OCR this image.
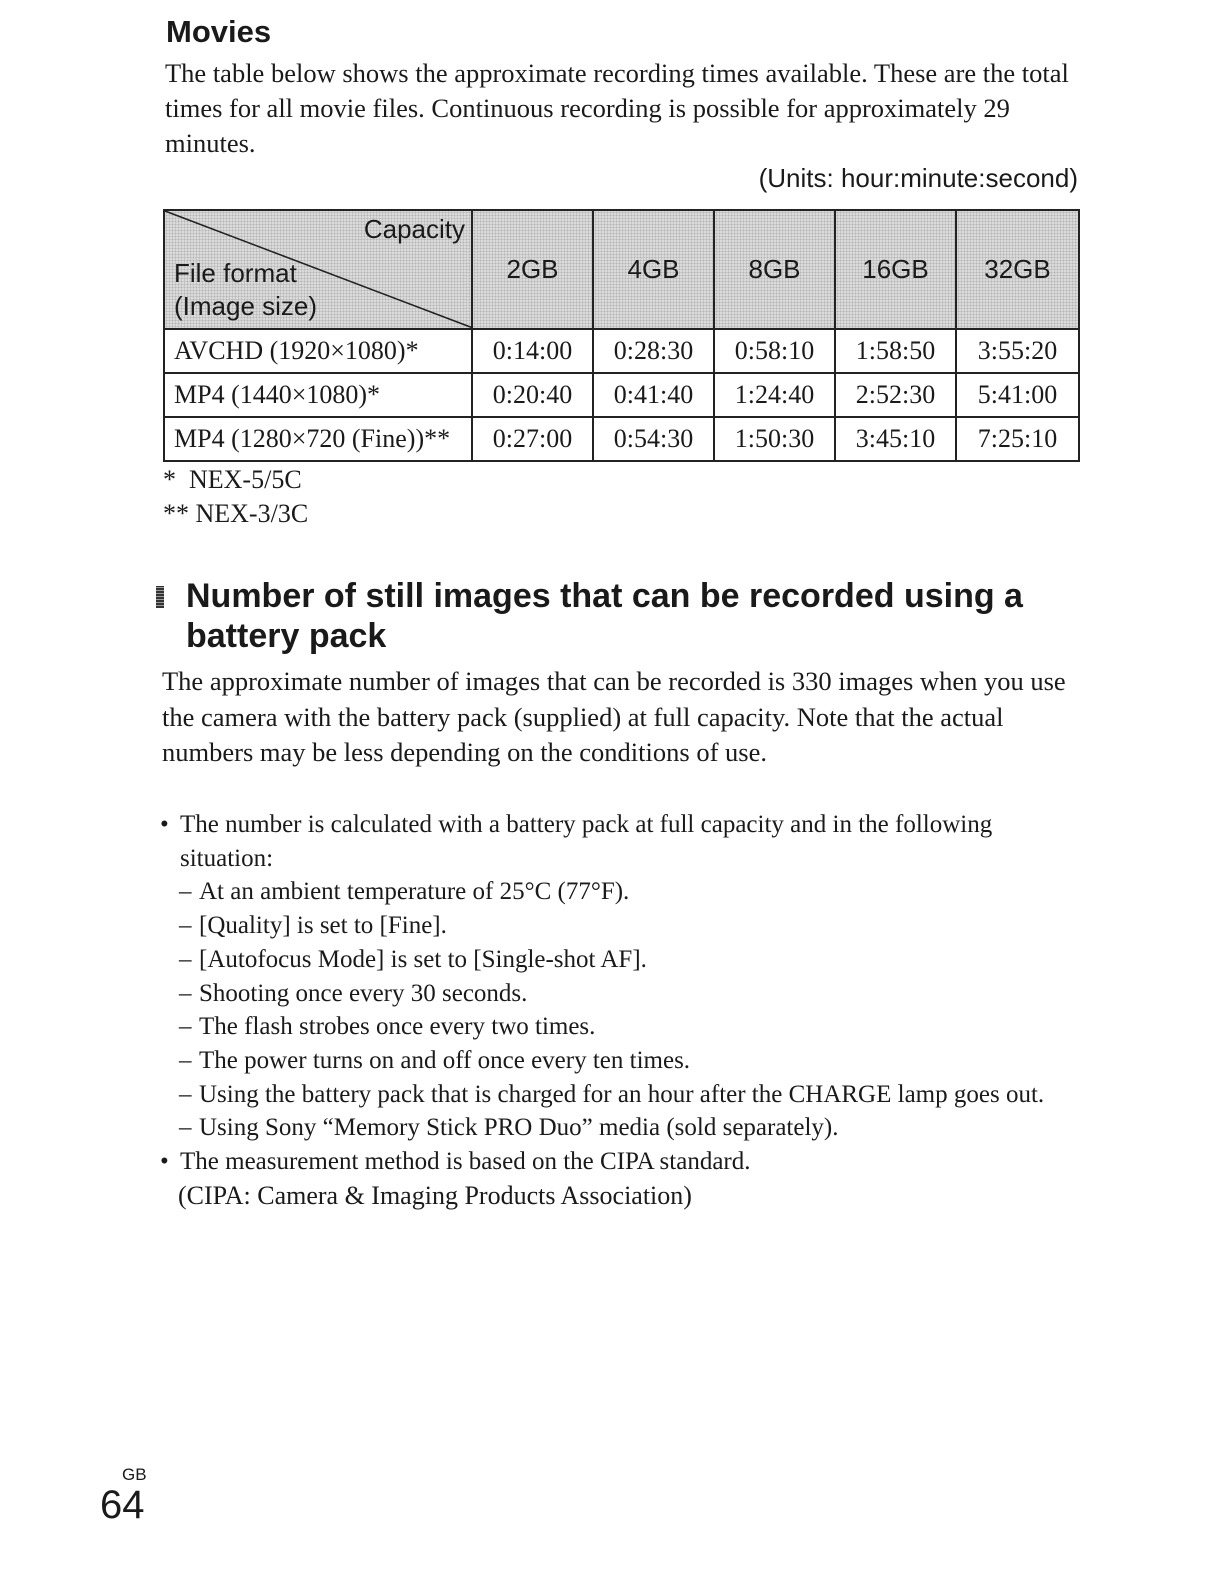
Movies

The table below shows the approximate recording times available. These are the total times for all movie files. Continuous recording is possible for approximately 29 minutes.

(Units: hour:minute:second)

Capacity
File format
(Image size)	2GB	4GB	8GB	16GB	32GB
AVCHD (1920×1080)*	0:14:00	0:28:30	0:58:10	1:58:50	3:55:20
MP4 (1440×1080)*	0:20:40	0:41:40	1:24:40	2:52:30	5:41:00
MP4 (1280×720 (Fine))**	0:27:00	0:54:30	1:50:30	3:45:10	7:25:10
*  NEX-5/5C
** NEX-3/3C
Number of still images that can be recorded using a
battery pack

The approximate number of images that can be recorded is 330 images when you use the camera with the battery pack (supplied) at full capacity. Note that the actual numbers may be less depending on the conditions of use.

• The number is calculated with a battery pack at full capacity and in the following situation:
– At an ambient temperature of 25°C (77°F).
– [Quality] is set to [Fine].
– [Autofocus Mode] is set to [Single-shot AF].
– Shooting once every 30 seconds.
– The flash strobes once every two times.
– The power turns on and off once every ten times.
– Using the battery pack that is charged for an hour after the CHARGE lamp goes out.
– Using Sony “Memory Stick PRO Duo” media (sold separately).
• The measurement method is based on the CIPA standard.
(CIPA: Camera & Imaging Products Association)

GB

64
